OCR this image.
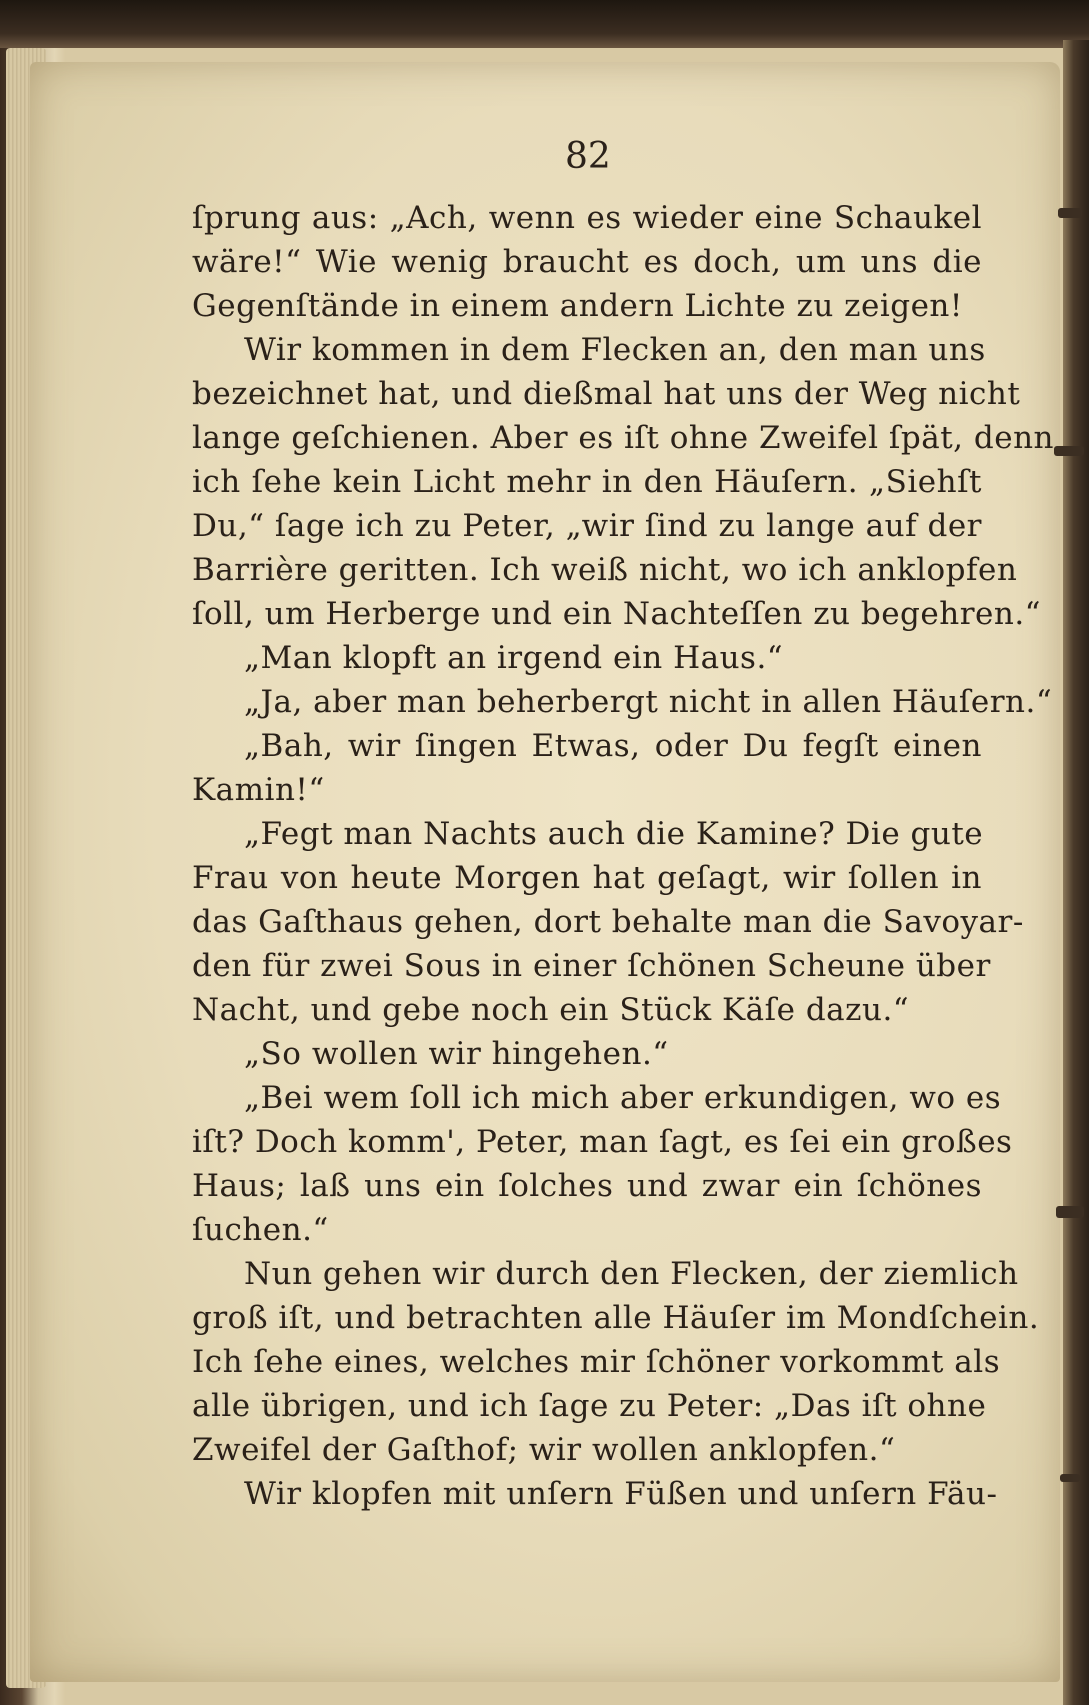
82
ſprung aus: „Ach, wenn es wieder eine Schaukel
wäre!“ Wie wenig braucht es doch, um uns die
Gegenſtände in einem andern Lichte zu zeigen!
Wir kommen in dem Flecken an, den man uns
bezeichnet hat, und dießmal hat uns der Weg nicht
lange geſchienen. Aber es iſt ohne Zweifel ſpät, denn
ich ſehe kein Licht mehr in den Häuſern. „Siehſt
Du,“ ſage ich zu Peter, „wir ſind zu lange auf der
Barrière geritten. Ich weiß nicht, wo ich anklopfen
ſoll, um Herberge und ein Nachteſſen zu begehren.“
„Man klopft an irgend ein Haus.“
„Ja, aber man beherbergt nicht in allen Häuſern.“
„Bah, wir ſingen Etwas, oder Du fegſt einen
Kamin!“
„Fegt man Nachts auch die Kamine? Die gute
Frau von heute Morgen hat geſagt, wir ſollen in
das Gaſthaus gehen, dort behalte man die Savoyar-
den für zwei Sous in einer ſchönen Scheune über
Nacht, und gebe noch ein Stück Käſe dazu.“
„So wollen wir hingehen.“
„Bei wem ſoll ich mich aber erkundigen, wo es
iſt? Doch komm', Peter, man ſagt, es ſei ein großes
Haus; laß uns ein ſolches und zwar ein ſchönes
ſuchen.“
Nun gehen wir durch den Flecken, der ziemlich
groß iſt, und betrachten alle Häuſer im Mondſchein.
Ich ſehe eines, welches mir ſchöner vorkommt als
alle übrigen, und ich ſage zu Peter: „Das iſt ohne
Zweifel der Gaſthof; wir wollen anklopfen.“
Wir klopfen mit unſern Füßen und unſern Fäu-
